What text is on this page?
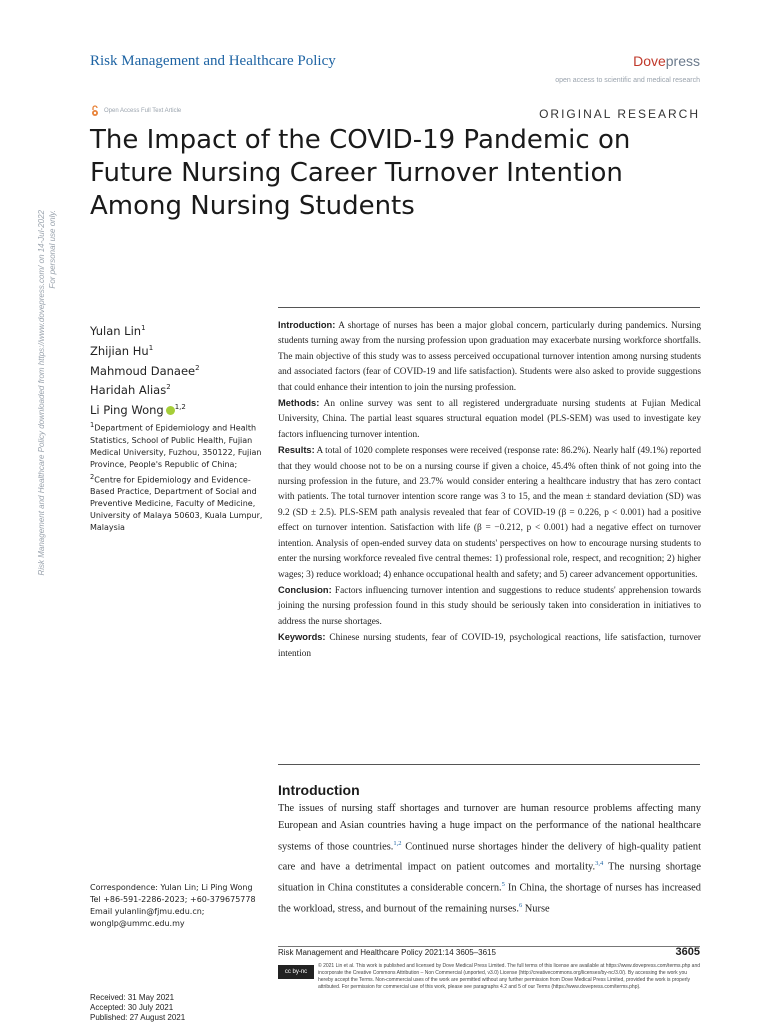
Risk Management and Healthcare Policy	Dovepress
open access to scientific and medical research
Open Access Full Text Article	ORIGINAL RESEARCH
The Impact of the COVID-19 Pandemic on Future Nursing Career Turnover Intention Among Nursing Students
Risk Management and Healthcare Policy downloaded from https://www.dovepress.com/ on 14-Jul-2022 For personal use only.
Yulan Lin$^1$
Zhijian Hu$^1$
Mahmoud Danaee$^2$
Haridah Alias$^2$
Li Ping Wong $^{1,2}$
$^1$Department of Epidemiology and Health Statistics, School of Public Health, Fujian Medical University, Fuzhou, 350122, Fujian Province, People's Republic of China; $^2$Centre for Epidemiology and Evidence-Based Practice, Department of Social and Preventive Medicine, Faculty of Medicine, University of Malaya 50603, Kuala Lumpur, Malaysia

Introduction: A shortage of nurses has been a major global concern, particularly during pandemics. Nursing students turning away from the nursing profession upon graduation may exacerbate nursing workforce shortfalls. The main objective of this study was to assess perceived occupational turnover intention among nursing students and associated factors (fear of COVID-19 and life satisfaction). Students were also asked to provide suggestions that could enhance their intention to join the nursing profession.

Methods: An online survey was sent to all registered undergraduate nursing students at Fujian Medical University, China. The partial least squares structural equation model (PLS-SEM) was used to investigate key factors influencing turnover intention.

Results: A total of 1020 complete responses were received (response rate: 86.2%). Nearly half (49.1%) reported that they would choose not to be on a nursing course if given a choice, 45.4% often think of not going into the nursing profession in the future, and 23.7% would consider entering a healthcare industry that has zero contact with patients. The total turnover intention score range was 3 to 15, and the mean ± standard deviation (SD) was 9.2 (SD ± 2.5). PLS-SEM path analysis revealed that fear of COVID-19 (β = 0.226, p < 0.001) had a positive effect on turnover intention. Satisfaction with life (β = −0.212, p < 0.001) had a negative effect on turnover intention. Analysis of open-ended survey data on students' perspectives on how to encourage nursing students to enter the nursing workforce revealed five central themes: 1) professional role, respect, and recognition; 2) higher wages; 3) reduce workload; 4) enhance occupational health and safety; and 5) career advancement opportunities.

Conclusion: Factors influencing turnover intention and suggestions to reduce students' apprehension towards joining the nursing profession found in this study should be seriously taken into consideration in initiatives to address the nurse shortages.

Keywords: Chinese nursing students, fear of COVID-19, psychological reactions, life satisfaction, turnover intention

Introduction
The issues of nursing staff shortages and turnover are human resource problems affecting many European and Asian countries having a huge impact on the performance of the national healthcare systems of those countries.$^{1,2}$ Continued nurse shortages hinder the delivery of high-quality patient care and have a detrimental impact on patient outcomes and mortality.$^{3,4}$ The nursing shortage situation in China constitutes a considerable concern.$^5$ In China, the shortage of nurses has increased the workload, stress, and burnout of the remaining nurses.$^6$ Nurse
Correspondence: Yulan Lin; Li Ping Wong
Tel +86-591-2286-2023; +60-379675778
Email yulanlin@fjmu.edu.cn;
wonglp@ummc.edu.my
Risk Management and Healthcare Policy 2021:14 3605–3615	3605
cc by-nc
© 2021 Lin et al. This work is published and licensed by Dove Medical Press Limited. The full terms of this license are available at https://www.dovepress.com/terms.php and incorporate the Creative Commons Attribution – Non Commercial (unported, v3.0) License (http://creativecommons.org/licenses/by-nc/3.0/). By accessing the work you hereby accept the Terms. Non-commercial uses of the work are permitted without any further permission from Dove Medical Press Limited, provided the work is properly attributed. For permission for commercial use of this work, please see paragraphs 4.2 and 5 of our Terms (https://www.dovepress.com/terms.php).
Received: 31 May 2021
Accepted: 30 July 2021
Published: 27 August 2021
